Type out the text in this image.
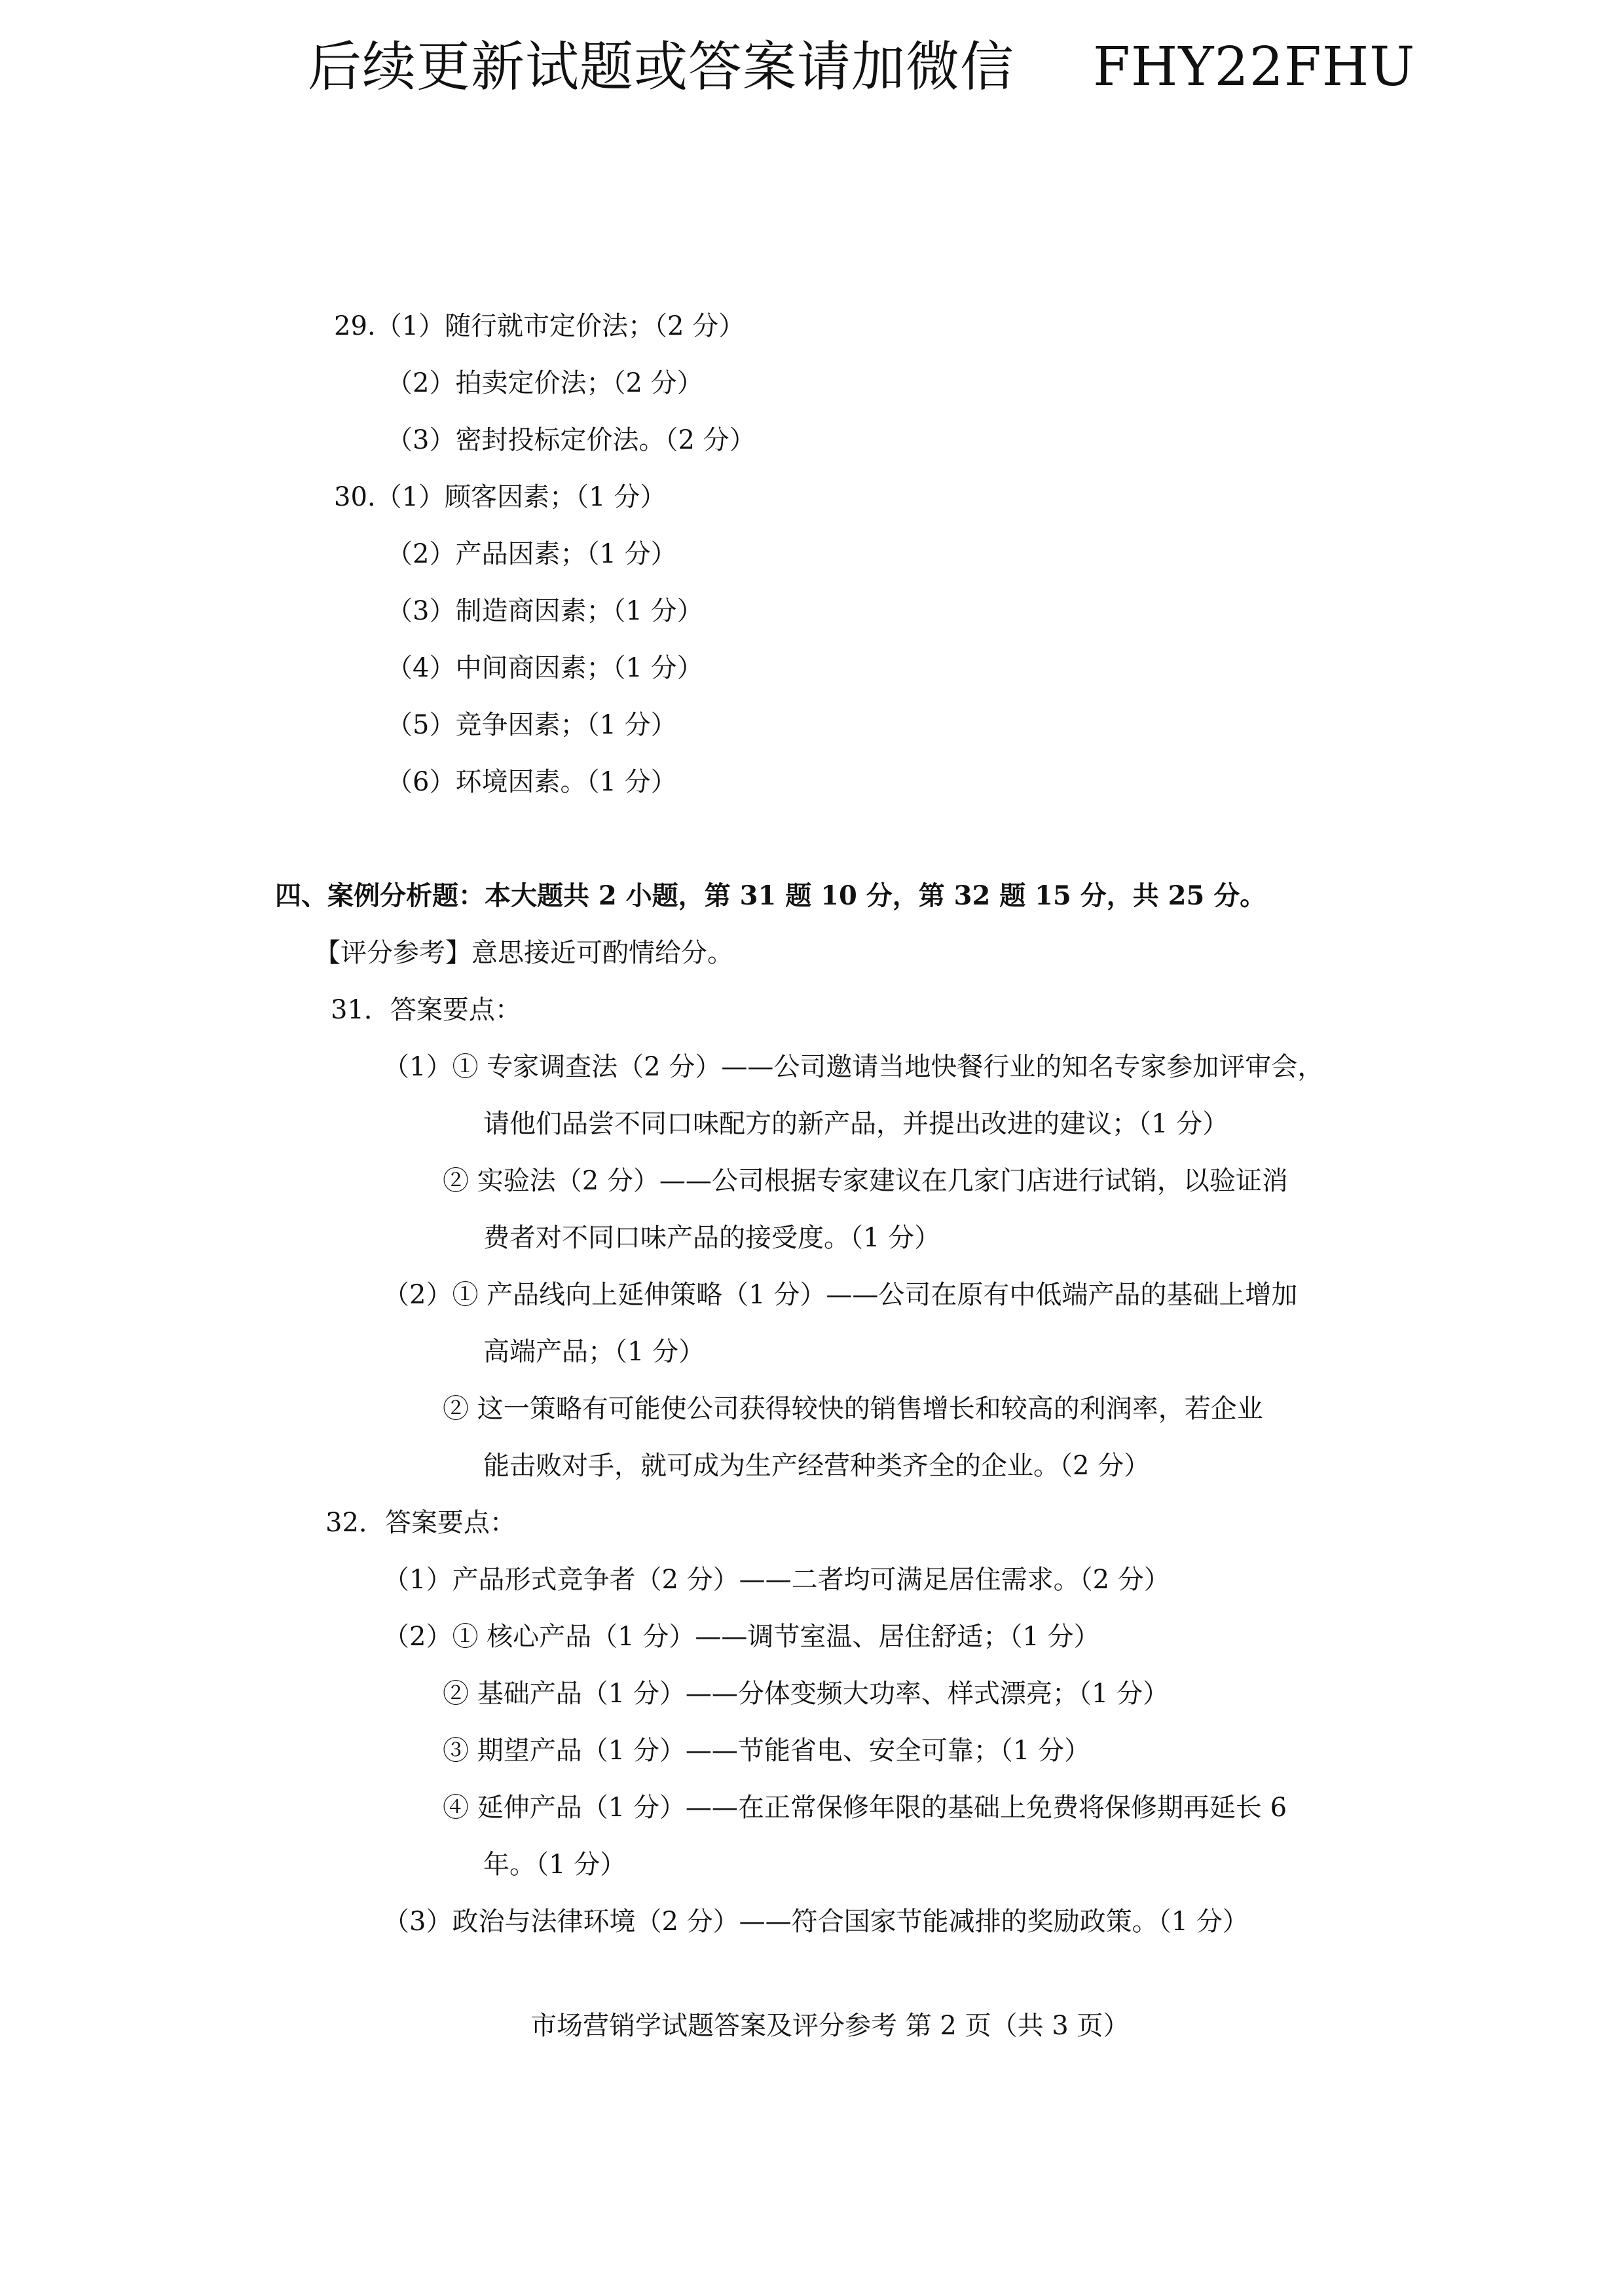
后续更新试题或答案请加微信 FHY22FHU
29.（1）随行就市定价法；（2 分）
（2）拍卖定价法；（2 分）
（3）密封投标定价法。（2 分）
30.（1）顾客因素；（1 分）
（2）产品因素；（1 分）
（3）制造商因素；（1 分）
（4）中间商因素；（1 分）
（5）竞争因素；（1 分）
（6）环境因素。（1 分）
四、案例分析题：本大题共 2 小题，第 31 题 10 分，第 32 题 15 分，共 25 分。
【评分参考】意思接近可酌情给分。
31．答案要点：
（1）① 专家调查法（2 分）——公司邀请当地快餐行业的知名专家参加评审会，
请他们品尝不同口味配方的新产品，并提出改进的建议；（1 分）
② 实验法（2 分）——公司根据专家建议在几家门店进行试销，以验证消
费者对不同口味产品的接受度。（1 分）
（2）① 产品线向上延伸策略（1 分）——公司在原有中低端产品的基础上增加
高端产品；（1 分）
② 这一策略有可能使公司获得较快的销售增长和较高的利润率，若企业
能击败对手，就可成为生产经营种类齐全的企业。（2 分）
32．答案要点：
（1）产品形式竞争者（2 分）——二者均可满足居住需求。（2 分）
（2）① 核心产品（1 分）——调节室温、居住舒适；（1 分）
② 基础产品（1 分）——分体变频大功率、样式漂亮；（1 分）
③ 期望产品（1 分）——节能省电、安全可靠；（1 分）
④ 延伸产品（1 分）——在正常保修年限的基础上免费将保修期再延长 6
年。（1 分）
（3）政治与法律环境（2 分）——符合国家节能减排的奖励政策。（1 分）
市场营销学试题答案及评分参考 第 2 页（共 3 页）
